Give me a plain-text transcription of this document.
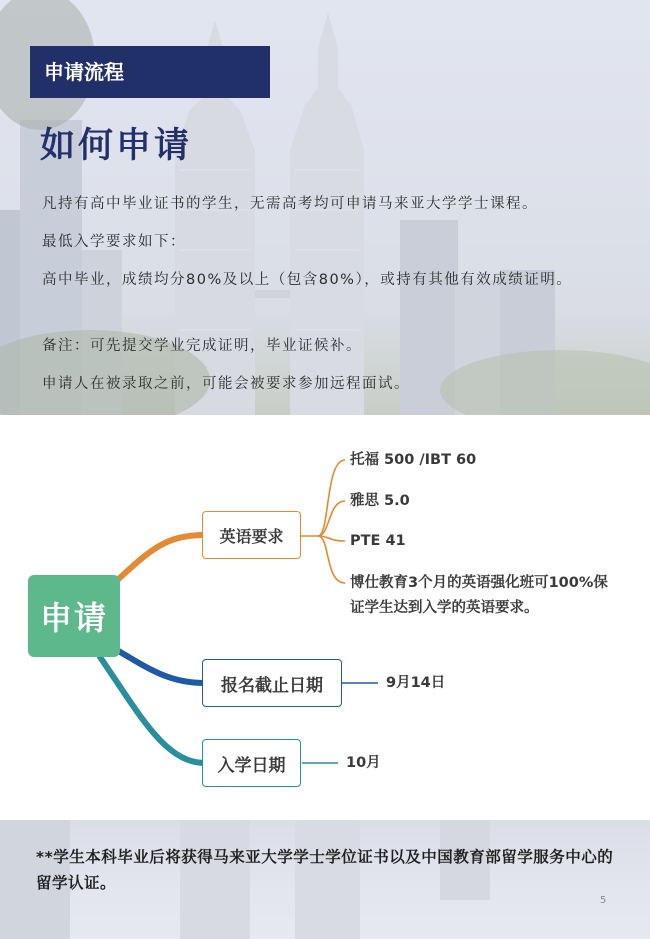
申请流程
如何申请
凡持有高中毕业证书的学生，无需高考均可申请马来亚大学学士课程。
最低入学要求如下：
高中毕业，成绩均分80%及以上（包含80%），或持有其他有效成绩证明。
备注：可先提交学业完成证明，毕业证候补。
申请人在被录取之前，可能会被要求参加远程面试。
申请
英语要求
报名截止日期
入学日期
托福 500 /IBT 60
雅思 5.0
PTE 41
博仕教育3个月的英语强化班可100%保证学生达到入学的英语要求。
9月14日
10月
**学生本科毕业后将获得马来亚大学学士学位证书以及中国教育部留学服务中心的留学认证。
5
